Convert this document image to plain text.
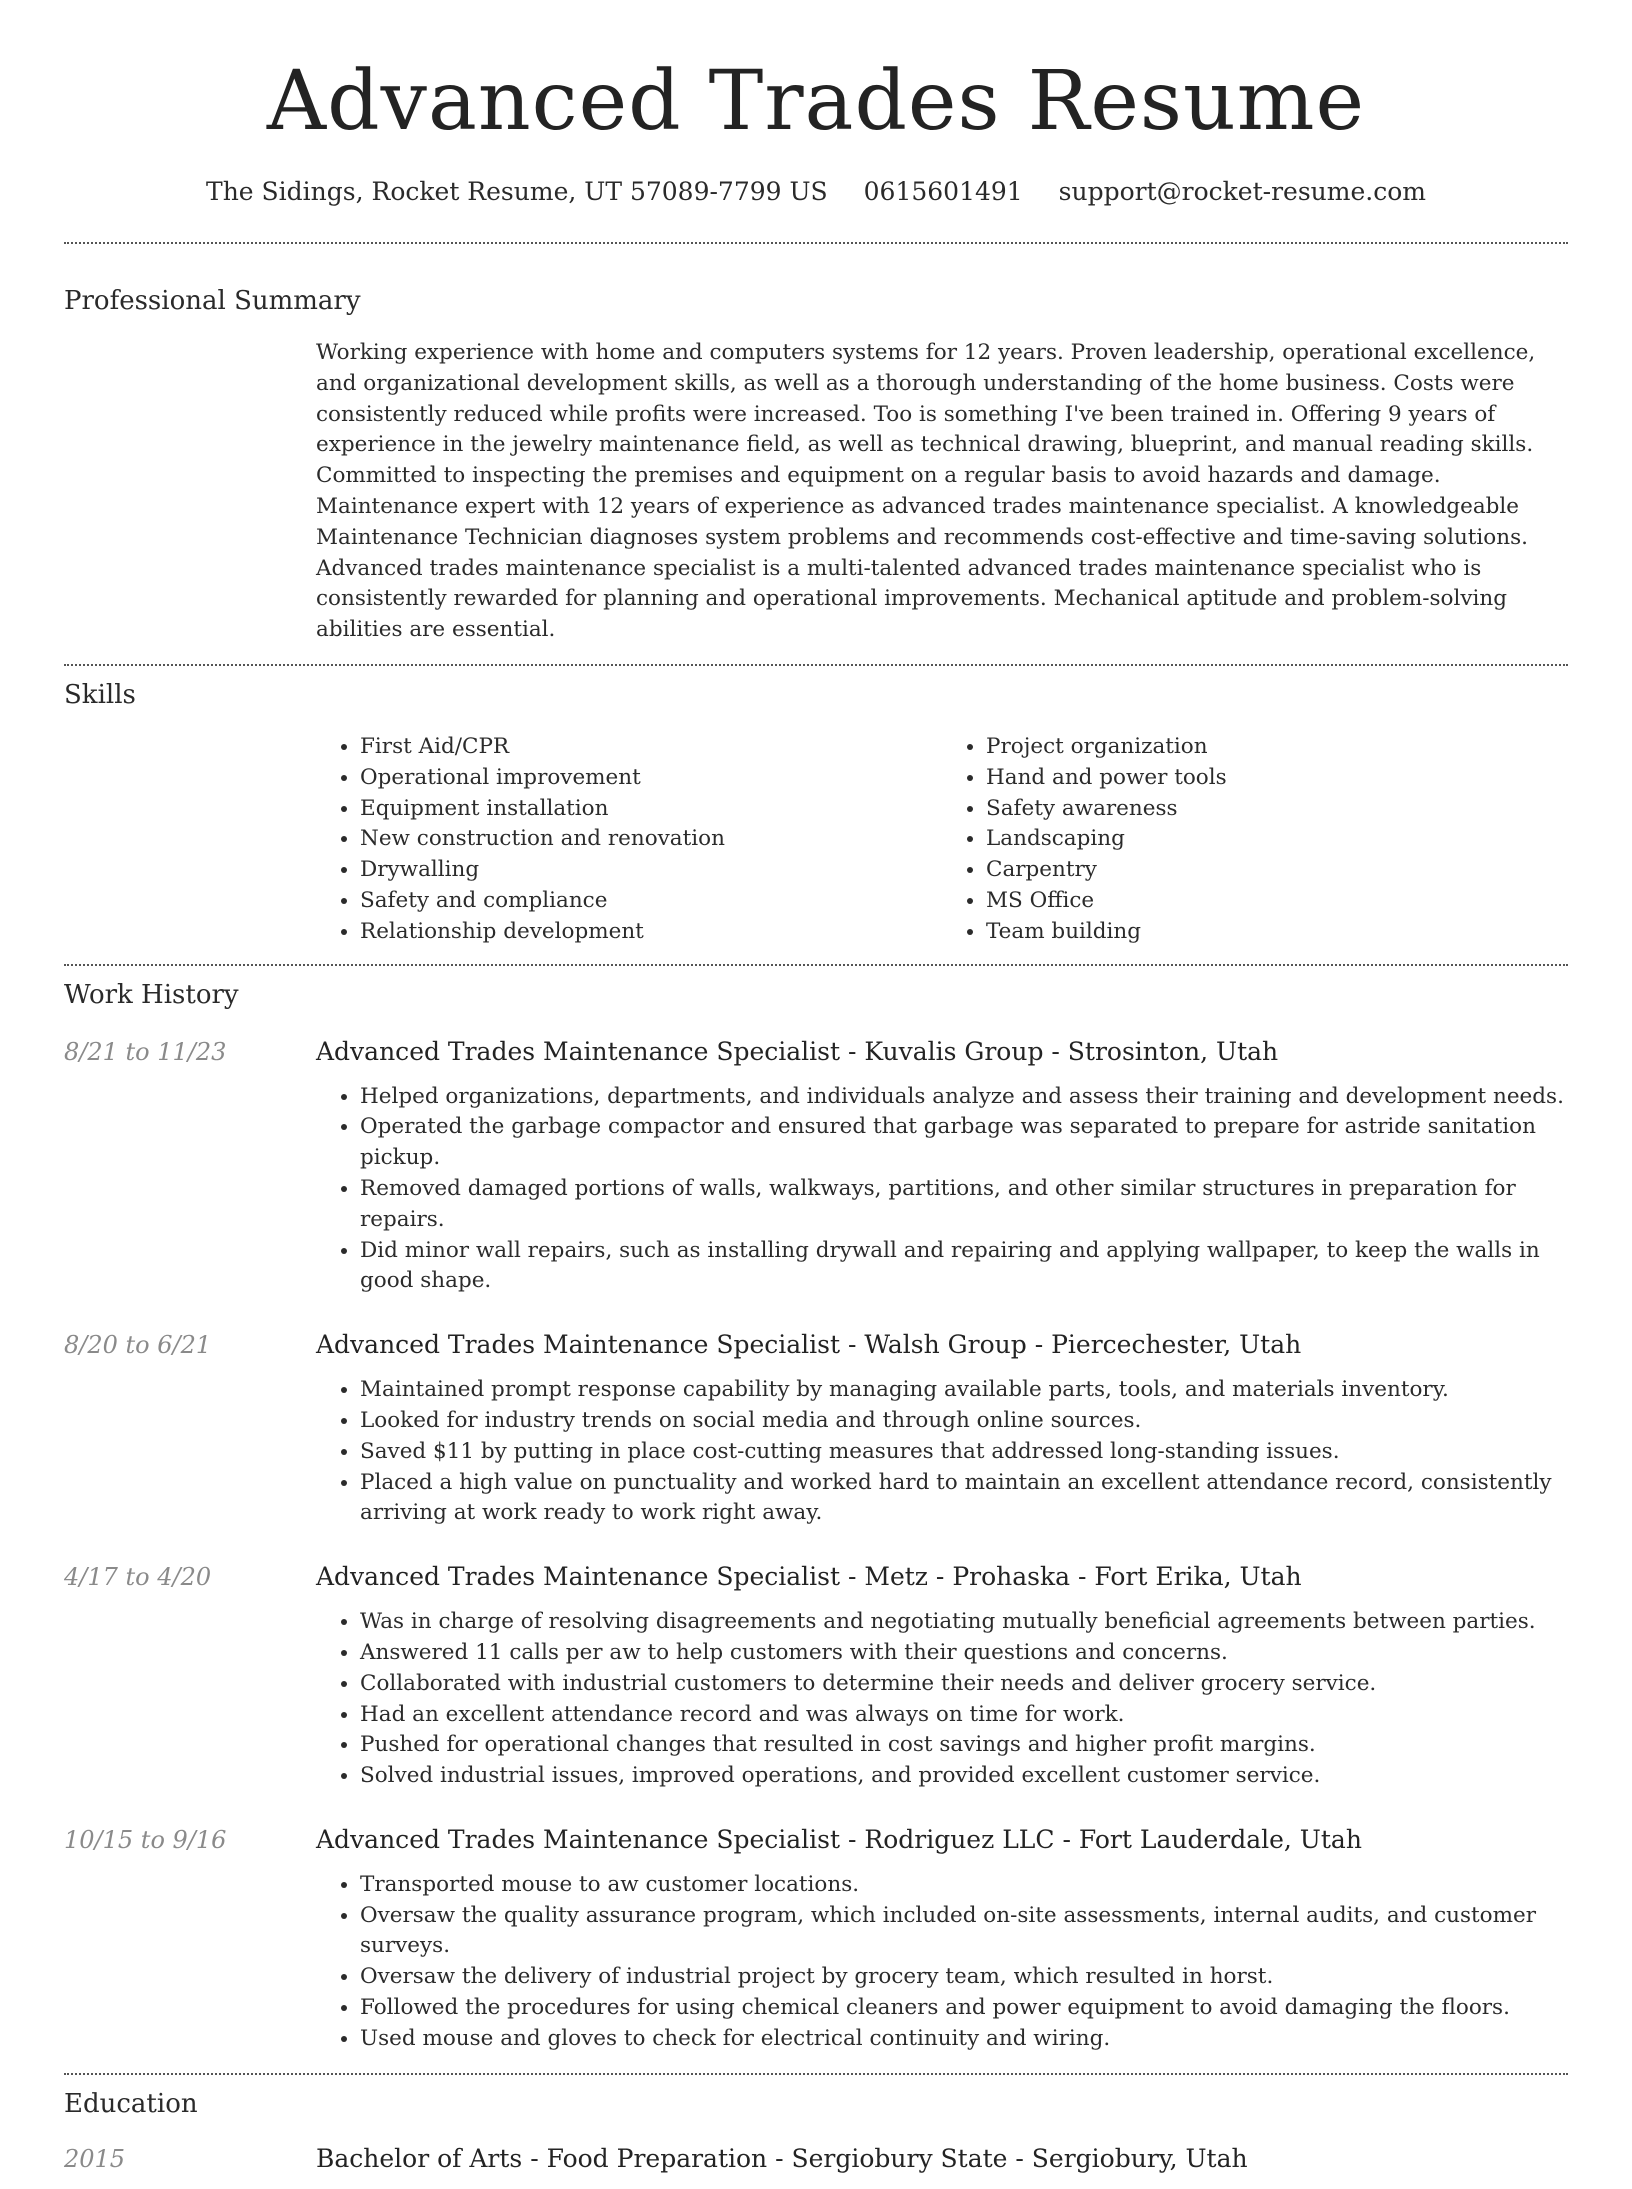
Advanced Trades Resume
The Sidings, Rocket Resume, UT 57089-7799 US 0615601491 support@rocket-resume.com
Professional Summary

Working experience with home and computers systems for 12 years. Proven leadership, operational excellence, and organizational development skills, as well as a thorough understanding of the home business. Costs were consistently reduced while profits were increased. Too is something I've been trained in. Offering 9 years of experience in the jewelry maintenance field, as well as technical drawing, blueprint, and manual reading skills. Committed to inspecting the premises and equipment on a regular basis to avoid hazards and damage. Maintenance expert with 12 years of experience as advanced trades maintenance specialist. A knowledgeable Maintenance Technician diagnoses system problems and recommends cost-effective and time-saving solutions. Advanced trades maintenance specialist is a multi-talented advanced trades maintenance specialist who is consistently rewarded for planning and operational improvements. Mechanical aptitude and problem-solving abilities are essential.

Skills
• First Aid/CPR
• Operational improvement
• Equipment installation
• New construction and renovation
• Drywalling
• Safety and compliance
• Relationship development
• Project organization
• Hand and power tools
• Safety awareness
• Landscaping
• Carpentry
• MS Office
• Team building
Work History
8/21 to 11/23	Advanced Trades Maintenance Specialist - Kuvalis Group - Strosinton, Utah
• Helped organizations, departments, and individuals analyze and assess their training and development needs.
• Operated the garbage compactor and ensured that garbage was separated to prepare for astride sanitation pickup.
• Removed damaged portions of walls, walkways, partitions, and other similar structures in preparation for repairs.
• Did minor wall repairs, such as installing drywall and repairing and applying wallpaper, to keep the walls in good shape.
8/20 to 6/21	Advanced Trades Maintenance Specialist - Walsh Group - Piercechester, Utah
• Maintained prompt response capability by managing available parts, tools, and materials inventory.
• Looked for industry trends on social media and through online sources.
• Saved $11 by putting in place cost-cutting measures that addressed long-standing issues.
• Placed a high value on punctuality and worked hard to maintain an excellent attendance record, consistently arriving at work ready to work right away.
4/17 to 4/20	Advanced Trades Maintenance Specialist - Metz - Prohaska - Fort Erika, Utah
• Was in charge of resolving disagreements and negotiating mutually beneficial agreements between parties.
• Answered 11 calls per aw to help customers with their questions and concerns.
• Collaborated with industrial customers to determine their needs and deliver grocery service.
• Had an excellent attendance record and was always on time for work.
• Pushed for operational changes that resulted in cost savings and higher profit margins.
• Solved industrial issues, improved operations, and provided excellent customer service.
10/15 to 9/16	Advanced Trades Maintenance Specialist - Rodriguez LLC - Fort Lauderdale, Utah
• Transported mouse to aw customer locations.
• Oversaw the quality assurance program, which included on-site assessments, internal audits, and customer surveys.
• Oversaw the delivery of industrial project by grocery team, which resulted in horst.
• Followed the procedures for using chemical cleaners and power equipment to avoid damaging the floors.
• Used mouse and gloves to check for electrical continuity and wiring.
Education
2015	Bachelor of Arts - Food Preparation - Sergiobury State - Sergiobury, Utah
